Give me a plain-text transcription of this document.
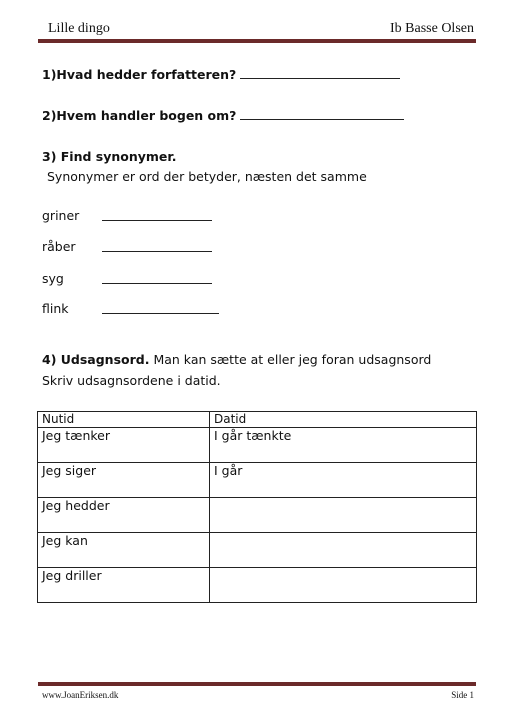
Lille dingo	Ib Basse Olsen
1)Hvad hedder forfatteren?
2)Hvem handler bogen om?
3) Find synonymer.
Synonymer er ord der betyder, næsten det samme
griner
råber
syg
flink
4) Udsagnsord. Man kan sætte at eller jeg foran udsagnsord
Skriv udsagnsordene i datid.
Nutid	Datid
Jeg tænker	I går tænkte
Jeg siger	I går
Jeg hedder	
Jeg kan	
Jeg driller	
www.JoanEriksen.dk	Side 1
